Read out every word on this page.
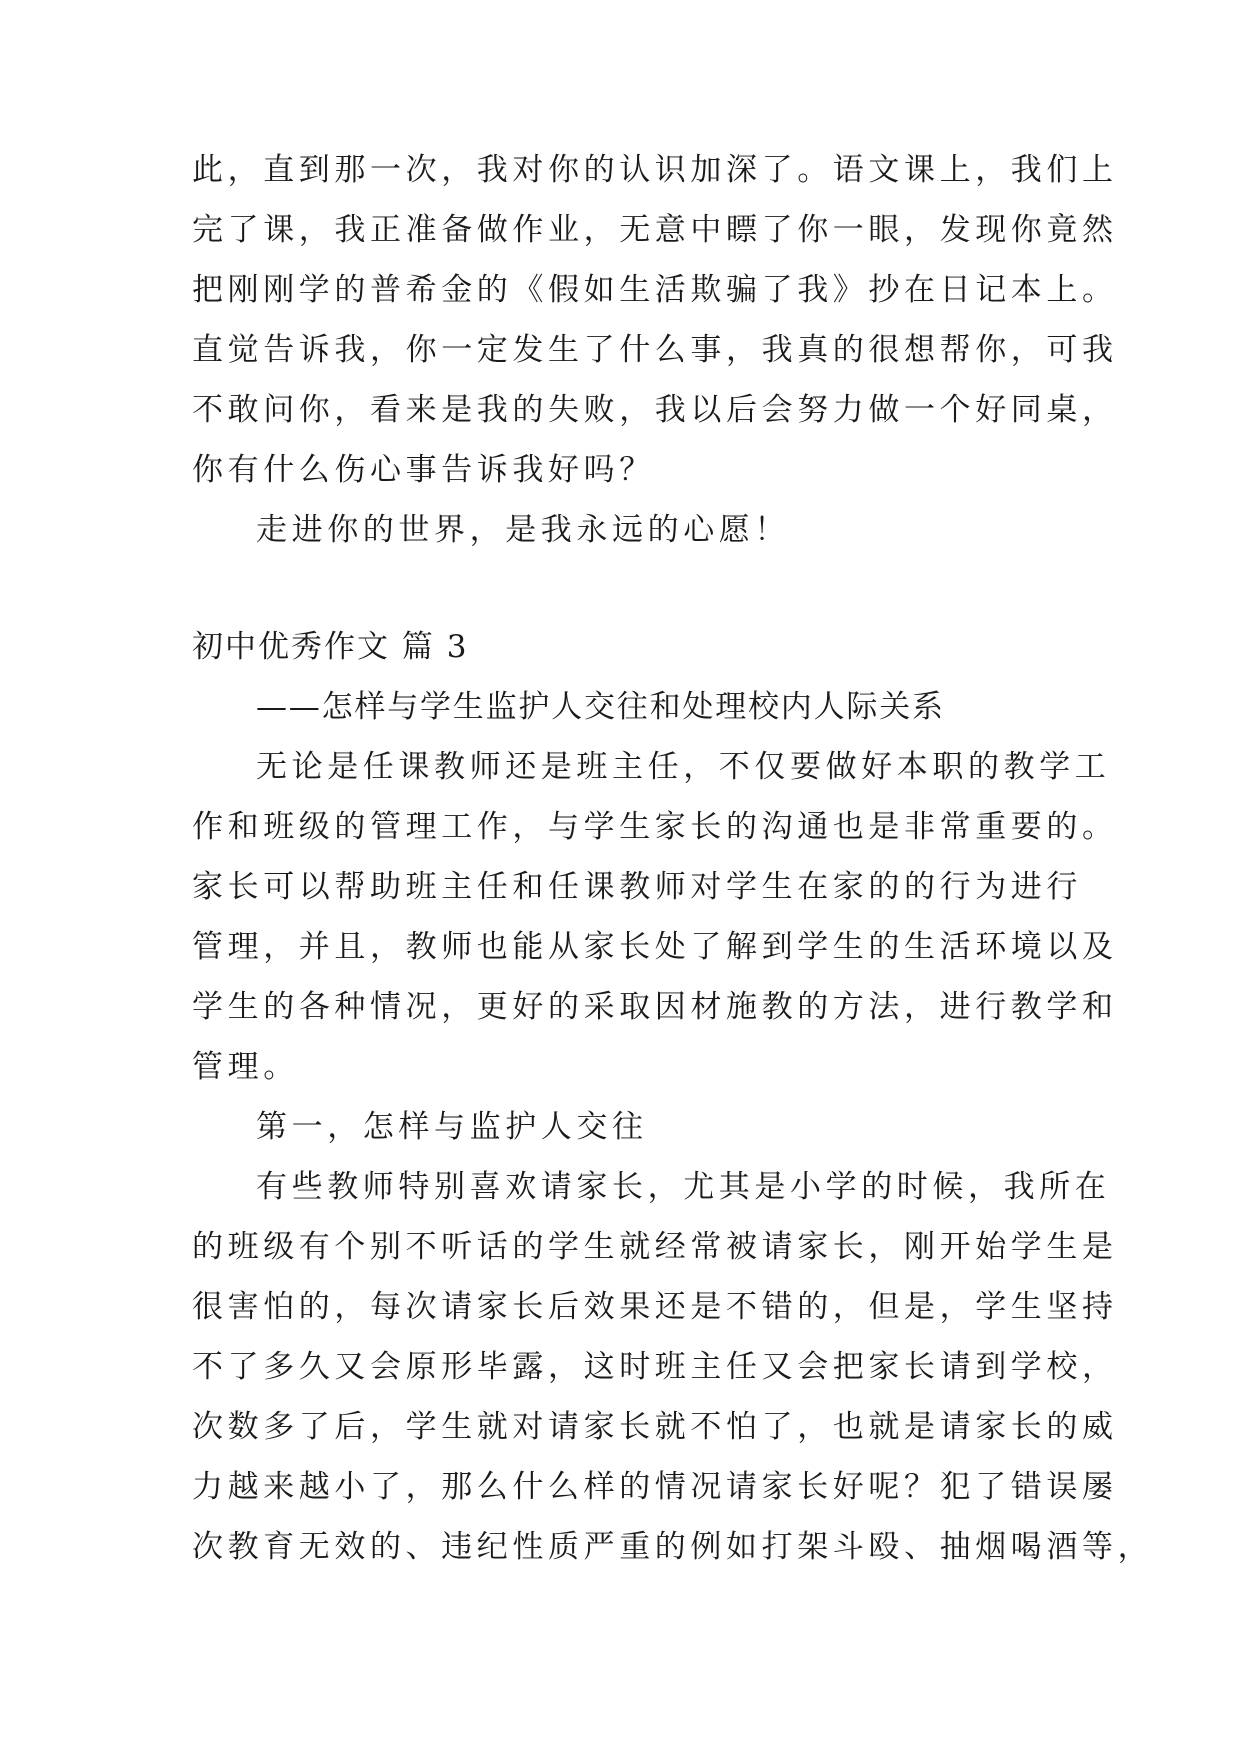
此，直到那一次，我对你的认识加深了。语文课上，我们上
完了课，我正准备做作业，无意中瞟了你一眼，发现你竟然
把刚刚学的普希金的《假如生活欺骗了我》抄在日记本上。
直觉告诉我，你一定发生了什么事，我真的很想帮你，可我
不敢问你，看来是我的失败，我以后会努力做一个好同桌，
你有什么伤心事告诉我好吗？
走进你的世界，是我永远的心愿！
初中优秀作文 篇 3
——怎样与学生监护人交往和处理校内人际关系
无论是任课教师还是班主任，不仅要做好本职的教学工
作和班级的管理工作，与学生家长的沟通也是非常重要的。
家长可以帮助班主任和任课教师对学生在家的的行为进行
管理，并且，教师也能从家长处了解到学生的生活环境以及
学生的各种情况，更好的采取因材施教的方法，进行教学和
管理。
第一，怎样与监护人交往
有些教师特别喜欢请家长，尤其是小学的时候，我所在
的班级有个别不听话的学生就经常被请家长，刚开始学生是
很害怕的，每次请家长后效果还是不错的，但是，学生坚持
不了多久又会原形毕露，这时班主任又会把家长请到学校，
次数多了后，学生就对请家长就不怕了，也就是请家长的威
力越来越小了，那么什么样的情况请家长好呢？犯了错误屡
次教育无效的、违纪性质严重的例如打架斗殴、抽烟喝酒等，
